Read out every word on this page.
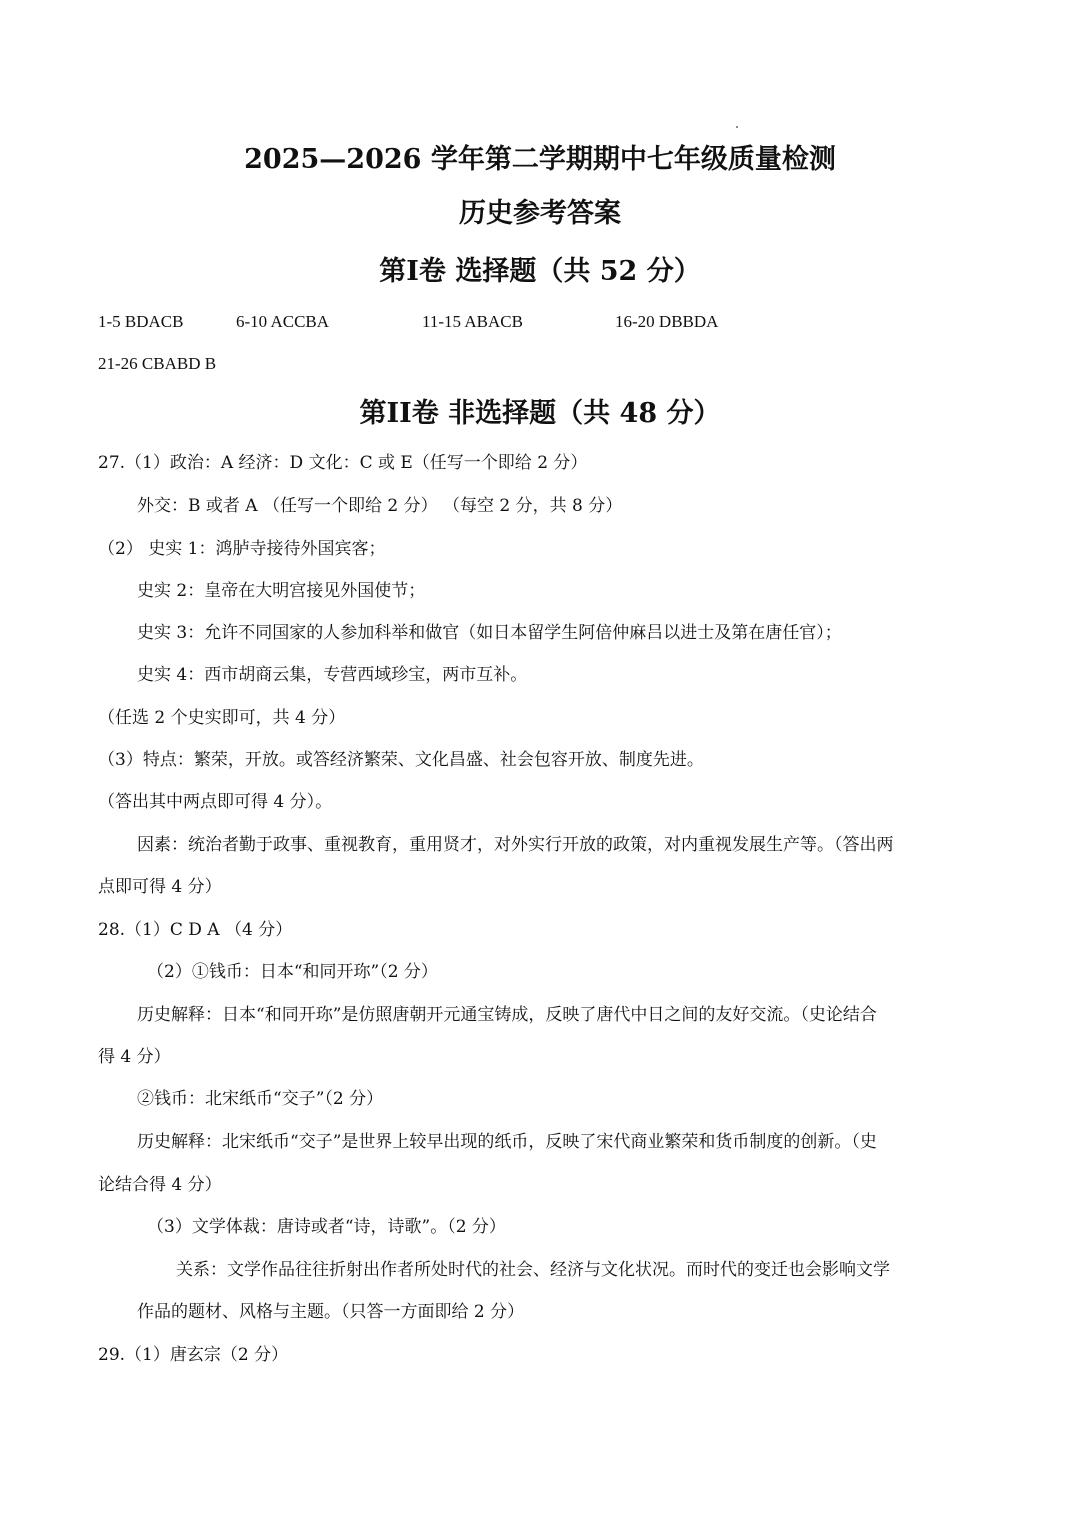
2025—2026 学年第二学期期中七年级质量检测
历史参考答案
第I卷 选择题（共 52 分）
1-5 BDACB	6-10 ACCBA	11-15 ABACB	16-20 DBBDA
21-26 CBABD B
第II卷 非选择题（共 48 分）
27.（1）政治：A 经济：D 文化：C 或 E（任写一个即给 2 分）
外交：B 或者 A （任写一个即给 2 分） （每空 2 分，共 8 分）
（2） 史实 1：鸿胪寺接待外国宾客；
史实 2：皇帝在大明宫接见外国使节；
史实 3：允许不同国家的人参加科举和做官（如日本留学生阿倍仲麻吕以进士及第在唐任官）；
史实 4：西市胡商云集，专营西域珍宝，两市互补。
（任选 2 个史实即可，共 4 分）
（3）特点：繁荣，开放。或答经济繁荣、文化昌盛、社会包容开放、制度先进。
（答出其中两点即可得 4 分）。
因素：统治者勤于政事、重视教育，重用贤才，对外实行开放的政策，对内重视发展生产等。（答出两
点即可得 4 分）
28.（1）C D A （4 分）
（2）①钱币：日本“和同开珎”（2 分）
历史解释：日本“和同开珎”是仿照唐朝开元通宝铸成，反映了唐代中日之间的友好交流。（史论结合
得 4 分）
②钱币：北宋纸币“交子”（2 分）
历史解释：北宋纸币“交子”是世界上较早出现的纸币，反映了宋代商业繁荣和货币制度的创新。（史
论结合得 4 分）
（3）文学体裁：唐诗或者“诗，诗歌”。（2 分）
关系：文学作品往往折射出作者所处时代的社会、经济与文化状况。而时代的变迁也会影响文学
作品的题材、风格与主题。（只答一方面即给 2 分）
29.（1）唐玄宗（2 分）
